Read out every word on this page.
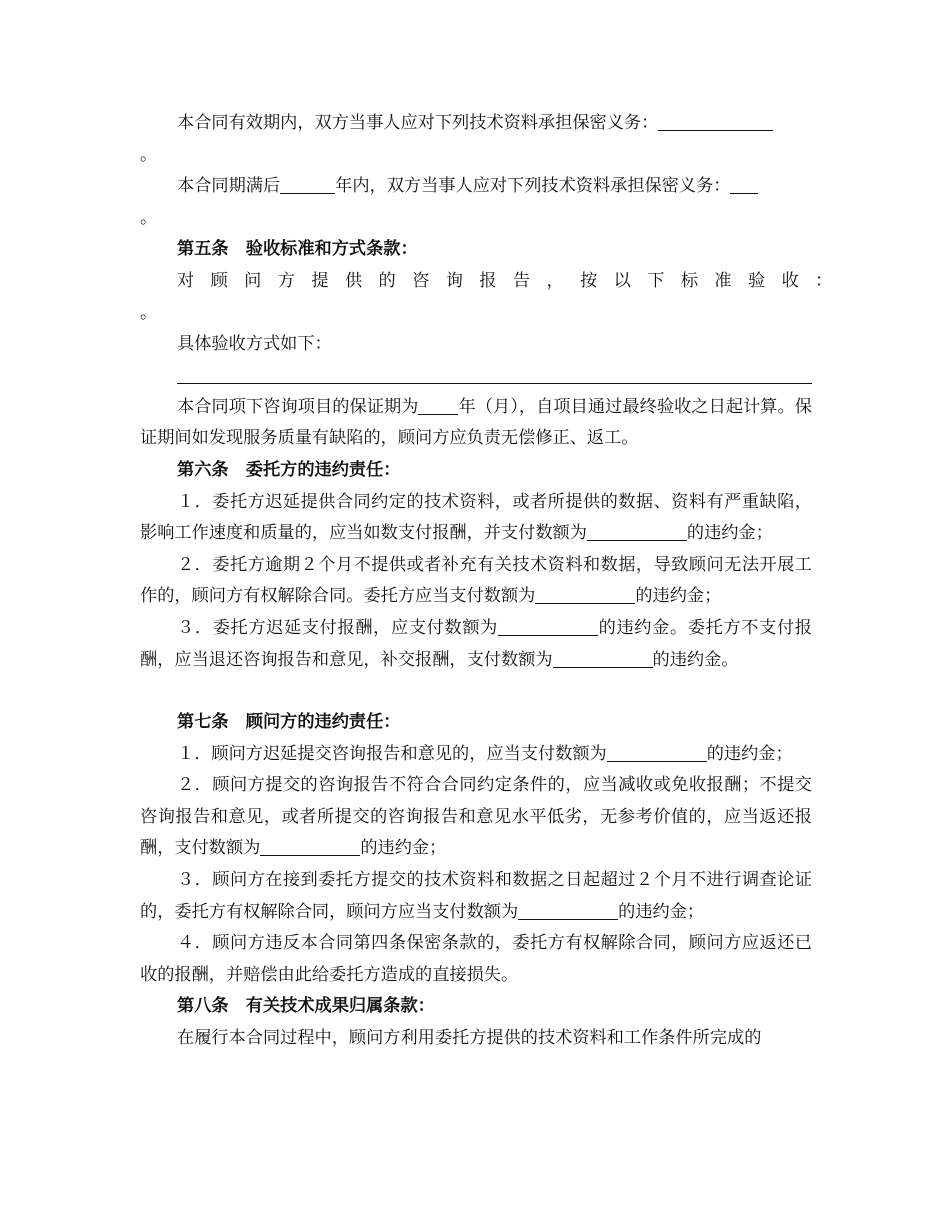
本合同有效期内，双方当事人应对下列技术资料承担保密义务：

。

本合同期满后	年内，双方当事人应对下列技术资料承担保密义务：

。

第五条　验收标准和方式条款：

对顾问方提供的咨询报告，按以下标准验收：

。

具体验收方式如下：

本合同项下咨询项目的保证期为 年（月），自项目通过最终验收之日起计算。保证期间如发现服务质量有缺陷的，顾问方应负责无偿修正、返工。

第六条　委托方的违约责任：

１．委托方迟延提供合同约定的技术资料，或者所提供的数据、资料有严重缺陷，影响工作速度和质量的，应当如数支付报酬，并支付数额为	的违约金；

２．委托方逾期２个月不提供或者补充有关技术资料和数据，导致顾问无法开展工作的，顾问方有权解除合同。委托方应当支付数额为	的违约金；

３．委托方迟延支付报酬，应支付数额为	的违约金。委托方不支付报酬，应当退还咨询报告和意见，补交报酬，支付数额为	的违约金。

第七条　顾问方的违约责任：

１．顾问方迟延提交咨询报告和意见的，应当支付数额为	的违约金；

２．顾问方提交的咨询报告不符合合同约定条件的，应当减收或免收报酬；不提交咨询报告和意见，或者所提交的咨询报告和意见水平低劣，无参考价值的，应当返还报酬，支付数额为	的违约金；

３．顾问方在接到委托方提交的技术资料和数据之日起超过２个月不进行调查论证的，委托方有权解除合同，顾问方应当支付数额为	的违约金；

４．顾问方违反本合同第四条保密条款的，委托方有权解除合同，顾问方应返还已收的报酬，并赔偿由此给委托方造成的直接损失。

第八条　有关技术成果归属条款：

在履行本合同过程中，顾问方利用委托方提供的技术资料和工作条件所完成的
